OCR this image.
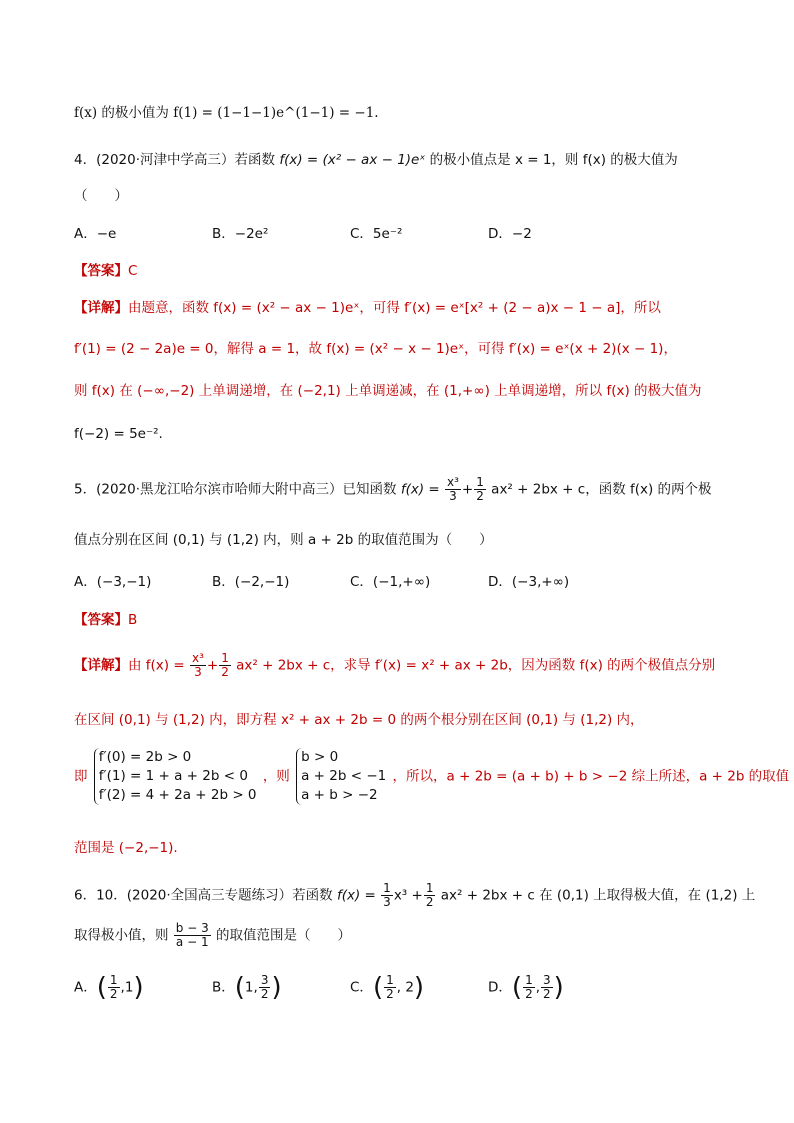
f(x) 的极小值为 f(1) = (1−1−1)e^(1−1) = −1.
4．(2020·河津中学高三）若函数 f(x) = (x² − ax − 1)eˣ 的极小值点是 x = 1，则 f(x) 的极大值为
（　　）
A．−e	B．−2e²	C．5e⁻²	D．−2
【答案】C
【详解】由题意，函数 f(x) = (x² − ax − 1)eˣ，可得 f′(x) = eˣ[x² + (2 − a)x − 1 − a]，所以
f′(1) = (2 − 2a)e = 0，解得 a = 1，故 f(x) = (x² − x − 1)eˣ，可得 f′(x) = eˣ(x + 2)(x − 1)，
则 f(x) 在 (−∞,−2) 上单调递增，在 (−2,1) 上单调递减，在 (1,+∞) 上单调递增，所以 f(x) 的极大值为
f(−2) = 5e⁻².
5．(2020·黑龙江哈尔滨市哈师大附中高三）已知函数 $f(x) = \frac{\text{x³}}{3} + \frac{1}{2} ax^2 + 2bx + c$，函数 f(x) 的两个极
值点分别在区间 (0,1) 与 (1,2) 内，则 a + 2b 的取值范围为（　　）
A．(−3,−1)	B．(−2,−1)	C．(−1,+∞)	D．(−3,+∞)
【答案】B
【详解】由 $f(x) = \frac{\text{x³}}{3} + \frac{1}{2} ax^2 + 2bx + c$，求导 f′(x) = x² + ax + 2b，因为函数 f(x) 的两个极值点分别
在区间 (0,1) 与 (1,2) 内，即方程 x² + ax + 2b = 0 的两个根分别在区间 (0,1) 与 (1,2) 内，
即
f′(0) = 2b > 0
f′(1) = 1 + a + 2b < 0
f′(2) = 4 + 2a + 2b > 0
，则
b > 0
a + 2b < −1
a + b > −2
，所以，a + 2b = (a + b) + b > −2 综上所述，a + 2b 的取值
范围是 (−2,−1).
6．10．(2020·全国高三专题练习）若函数 $f(x) = \frac{1}{3} x^3 + \frac{1}{2} ax^2 + 2bx + c$ 在 (0,1) 上取得极大值，在 (1,2) 上
取得极小值，则 $\frac{b - 3}{a - 1}$ 的取值范围是（　　）
A．( $\frac{1}{2} ,1$)	B．(1, $\frac{3}{2}$ )	C．( $\frac{1}{2}$ , 2)	D．( $\frac{1}{2}$ , $\frac{3}{2}$ )
